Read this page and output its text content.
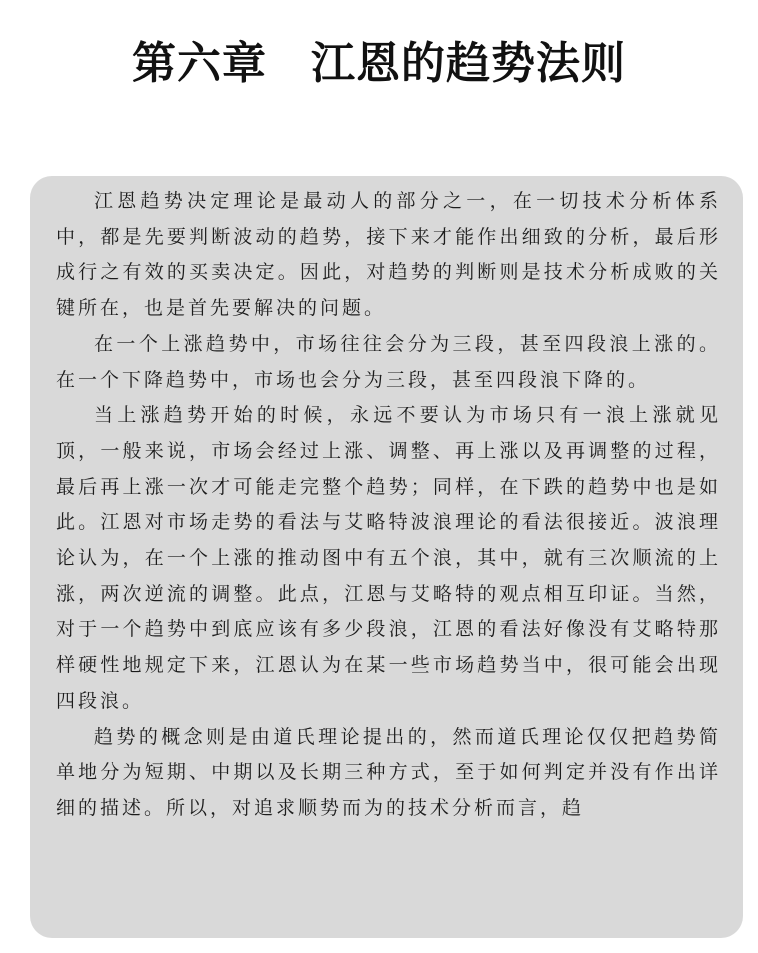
第六章 江恩的趋势法则

江恩趋势决定理论是最动人的部分之一，在一切技术分析体系中，都是先要判断波动的趋势，接下来才能作出细致的分析，最后形成行之有效的买卖决定。因此，对趋势的判断则是技术分析成败的关键所在，也是首先要解决的问题。

在一个上涨趋势中，市场往往会分为三段，甚至四段浪上涨的。在一个下降趋势中，市场也会分为三段，甚至四段浪下降的。

当上涨趋势开始的时候，永远不要认为市场只有一浪上涨就见顶，一般来说，市场会经过上涨、调整、再上涨以及再调整的过程，最后再上涨一次才可能走完整个趋势；同样，在下跌的趋势中也是如此。江恩对市场走势的看法与艾略特波浪理论的看法很接近。波浪理论认为，在一个上涨的推动图中有五个浪，其中，就有三次顺流的上涨，两次逆流的调整。此点，江恩与艾略特的观点相互印证。当然，对于一个趋势中到底应该有多少段浪，江恩的看法好像没有艾略特那样硬性地规定下来，江恩认为在某一些市场趋势当中，很可能会出现四段浪。

趋势的概念则是由道氏理论提出的，然而道氏理论仅仅把趋势简单地分为短期、中期以及长期三种方式，至于如何判定并没有作出详细的描述。所以，对追求顺势而为的技术分析而言，趋
